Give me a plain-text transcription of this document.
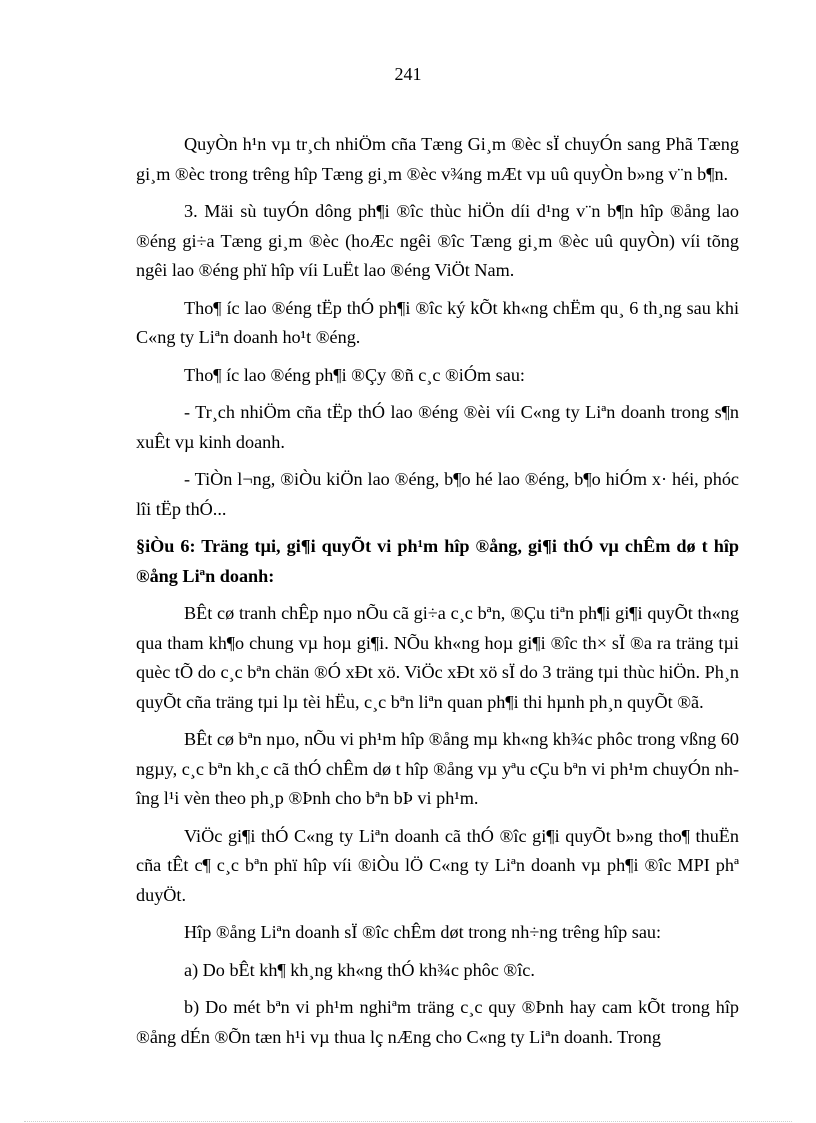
241

QuyÒn h¹n vµ tr¸ch nhiÖm cña Tæng Gi¸m ®èc sÏ chuyÓn sang Phã Tæng gi¸m ®èc trong trêng hîp Tæng gi¸m ®èc v¾ng mÆt vµ uû quyÒn b»ng v¨n b¶n.

3. Mäi sù tuyÓn dông ph¶i ®îc thùc hiÖn díi d¹ng v¨n b¶n hîp ®ång lao ®éng gi÷a Tæng gi¸m ®èc (hoÆc ngêi ®îc Tæng gi¸m ®èc uû quyÒn) víi tõng ngêi lao ®éng phï hîp víi LuËt lao ®éng ViÖt Nam.

Tho¶ íc lao ®éng tËp thÓ ph¶i ®îc ký kÕt kh«ng chËm qu¸ 6 th¸ng sau khi C«ng ty Liªn doanh ho¹t ®éng.

Tho¶ íc lao ®éng ph¶i ®Çy ®ñ c¸c ®iÓm sau:

- Tr¸ch nhiÖm cña tËp thÓ lao ®éng ®èi víi C«ng ty Liªn doanh trong s¶n xuÊt vµ kinh doanh.

- TiÒn l¬ng, ®iÒu kiÖn lao ®éng, b¶o hé lao ®éng, b¶o hiÓm x· héi, phóc lîi tËp thÓ...

§iÒu 6: Träng tµi, gi¶i quyÕt vi ph¹m hîp ®ång, gi¶i thÓ vµ chÊm dø t hîp ®ång Liªn doanh:

BÊt cø tranh chÊp nµo nÕu cã gi÷a c¸c bªn, ®Çu tiªn ph¶i gi¶i quyÕt th«ng qua tham kh¶o chung vµ hoµ gi¶i. NÕu kh«ng hoµ gi¶i ®îc th× sÏ ®a ra träng tµi quèc tÕ do c¸c bªn chän ®Ó xÐt xö. ViÖc xÐt xö sÏ do 3 träng tµi thùc hiÖn. Ph¸n quyÕt cña träng tµi lµ tèi hËu, c¸c bªn liªn quan ph¶i thi hµnh ph¸n quyÕt ®ã.

BÊt cø bªn nµo, nÕu vi ph¹m hîp ®ång mµ kh«ng kh¾c phôc trong vßng 60 ngµy, c¸c bªn kh¸c cã thÓ chÊm dø t hîp ®ång vµ yªu cÇu bªn vi ph¹m chuyÓn nhîng l¹i vèn theo ph¸p ®Þnh cho bªn bÞ vi ph¹m.

ViÖc gi¶i thÓ C«ng ty Liªn doanh cã thÓ ®îc gi¶i quyÕt b»ng tho¶ thuËn cña tÊt c¶ c¸c bªn phï hîp víi ®iÒu lÖ C«ng ty Liªn doanh vµ ph¶i ®îc MPI phª duyÖt.

Hîp ®ång Liªn doanh sÏ ®îc chÊm døt trong nh÷ng trêng hîp sau:

a) Do bÊt kh¶ kh¸ng kh«ng thÓ kh¾c phôc ®îc.

b) Do mét bªn vi ph¹m nghiªm träng c¸c quy ®Þnh hay cam kÕt trong hîp ®ång dÉn ®Õn tæn h¹i vµ thua lç nÆng cho C«ng ty Liªn doanh. Trong
